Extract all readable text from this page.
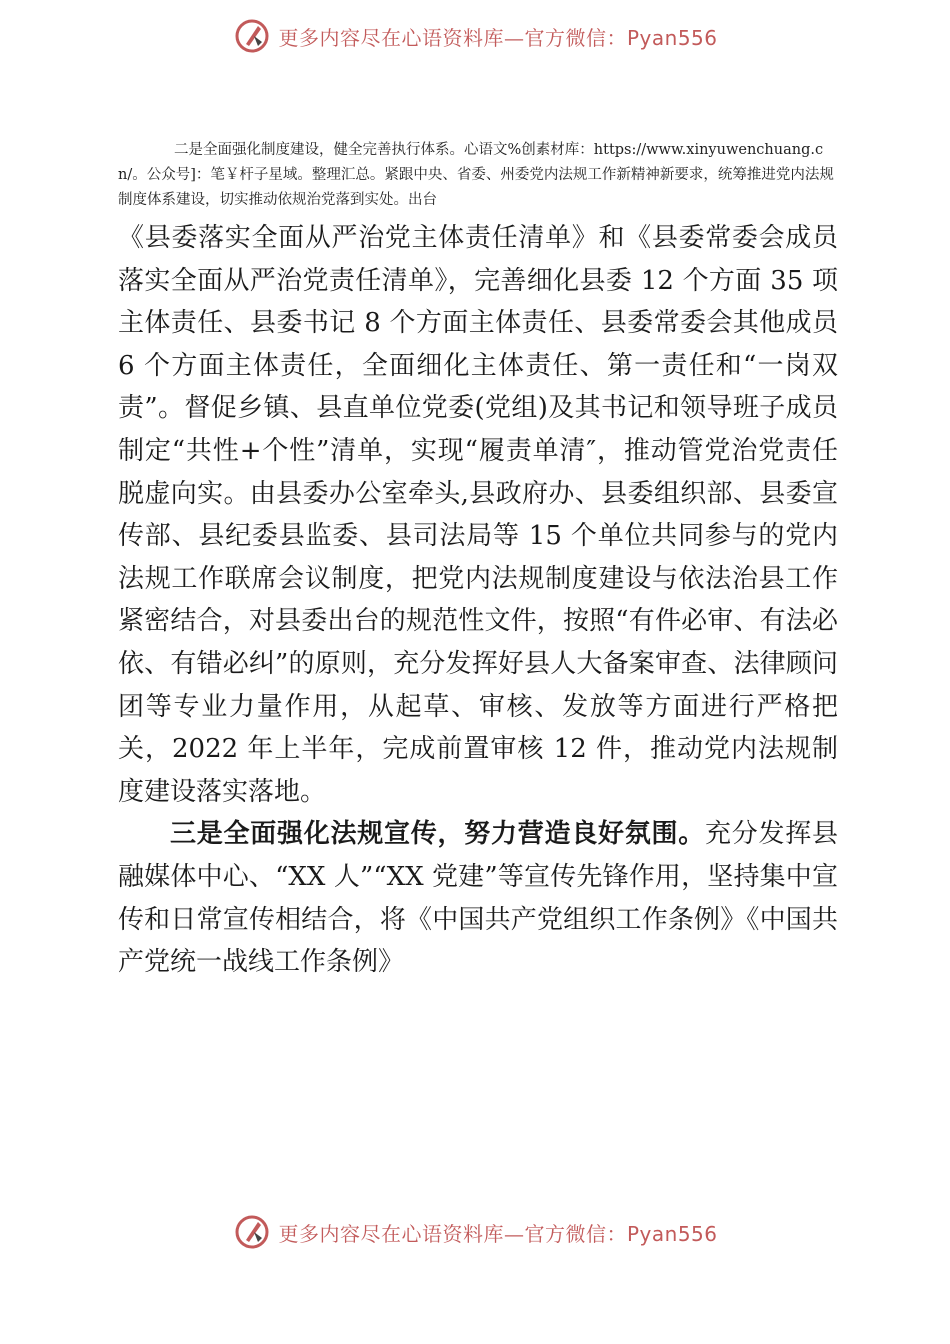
更多内容尽在心语资料库—官方微信：Pyan556

二是全面强化制度建设，健全完善执行体系。心语文%创素材库：https://www.xinyuwenchuang.cn/。公众号]：笔￥杆子星域。整理汇总。紧跟中央、省委、州委党内法规工作新精神新要求，统筹推进党内法规制度体系建设，切实推动依规治党落到实处。出台

《县委落实全面从严治党主体责任清单》和《县委常委会成员落实全面从严治党责任清单》，完善细化县委 12 个方面 35 项主体责任、县委书记 8 个方面主体责任、县委常委会其他成员 6 个方面主体责任，全面细化主体责任、第一责任和“一岗双责”。督促乡镇、县直单位党委(党组)及其书记和领导班子成员制定“共性+个性”清单，实现“履责单清″，推动管党治党责任脱虚向实。由县委办公室牵头,县政府办、县委组织部、县委宣传部、县纪委县监委、县司法局等 15 个单位共同参与的党内法规工作联席会议制度，把党内法规制度建设与依法治县工作紧密结合，对县委出台的规范性文件，按照“有件必审、有法必依、有错必纠”的原则，充分发挥好县人大备案审查、法律顾问团等专业力量作用，从起草、审核、发放等方面进行严格把关，2022 年上半年，完成前置审核 12 件，推动党内法规制度建设落实落地。

三是全面强化法规宣传，努力营造良好氛围。充分发挥县融媒体中心、“XX 人”“XX 党建”等宣传先锋作用，坚持集中宣传和日常宣传相结合，将《中国共产党组织工作条例》《中国共产党统一战线工作条例》

更多内容尽在心语资料库—官方微信：Pyan556
